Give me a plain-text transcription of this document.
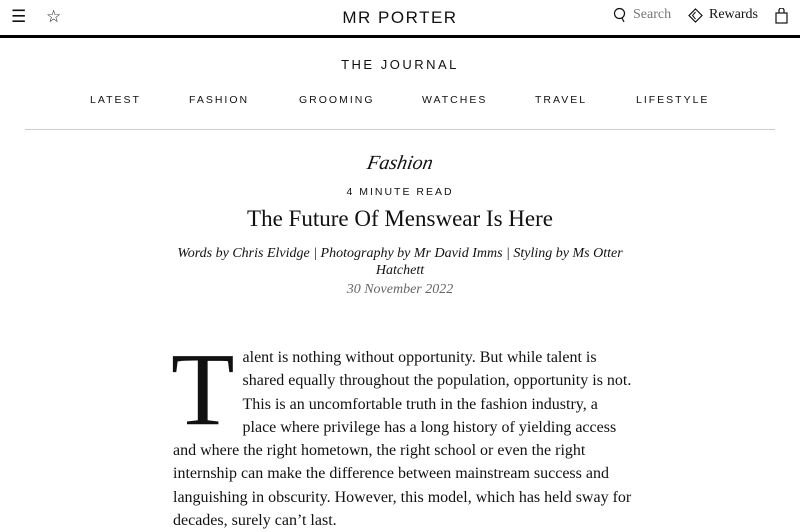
☰ ☆	MR PORTER	Search	Rewards
THE JOURNAL
LATEST	FASHION	GROOMING	WATCHES	TRAVEL	LIFESTYLE
Fashion
4 MINUTE READ
The Future Of Menswear Is Here
Words by Chris Elvidge | Photography by Mr David Imms | Styling by Ms Otter Hatchett
30 November 2022
T alent is nothing without opportunity. But while talent is shared equally throughout the population, opportunity is not. This is an uncomfortable truth in the fashion industry, a place where privilege has a long history of yielding access and where the right hometown, the right school or even the right internship can make the difference between mainstream success and languishing in obscurity. However, this model, which has held sway for decades, surely can’t last.
